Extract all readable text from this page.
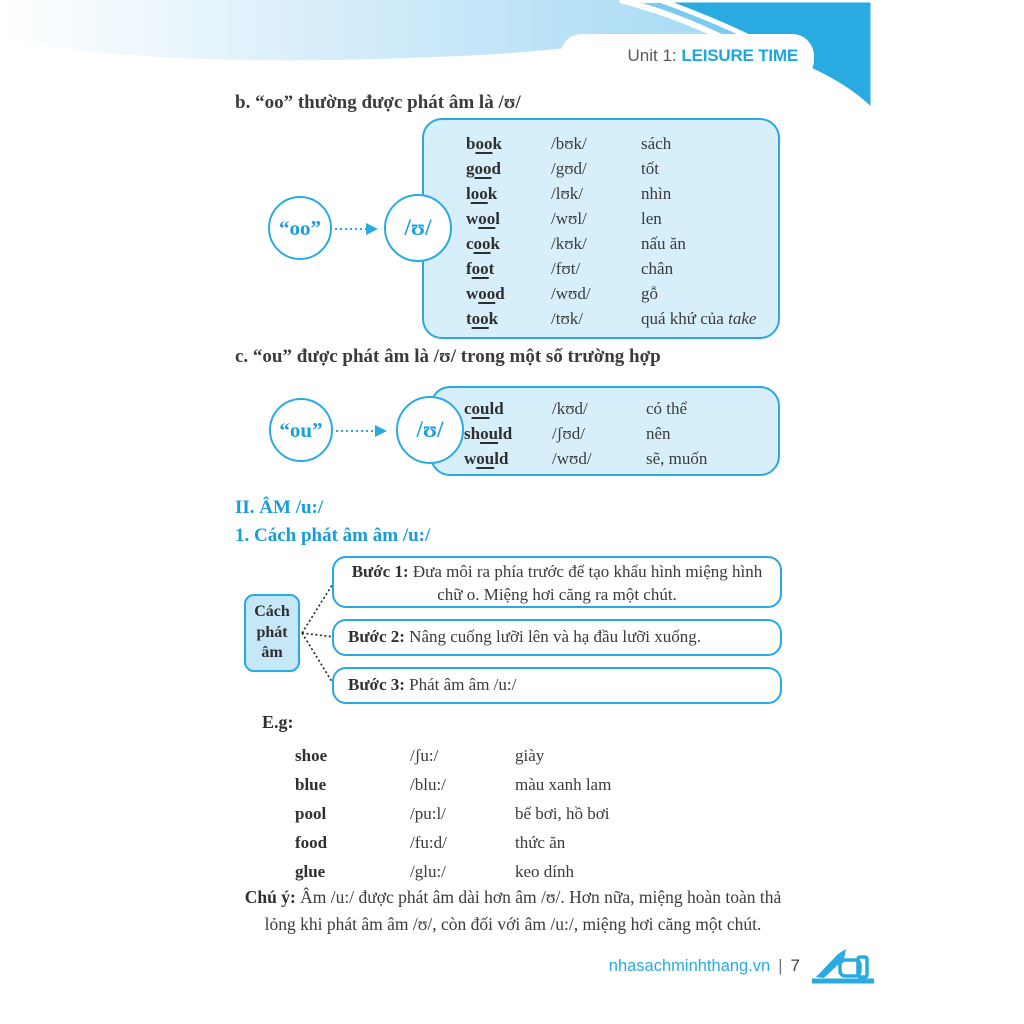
Unit 1: LEISURE TIME
b. “oo” thường được phát âm là /ʊ/
book	/bʊk/	sách
good	/gʊd/	tốt
look	/lʊk/	nhìn
wool	/wʊl/	len
cook	/kʊk/	nấu ăn
foot	/fʊt/	chân
wood	/wʊd/	gỗ
took	/tʊk/	quá khứ của take
“oo”	/ʊ/
c. “ou” được phát âm là /ʊ/ trong một số trường hợp
could	/kʊd/	có thể
should	/ʃʊd/	nên
would	/wʊd/	sẽ, muốn
“ou”	/ʊ/
II. ÂM /u:/
1. Cách phát âm âm /u:/
Cách phát âm
Bước 1: Đưa môi ra phía trước để tạo khẩu hình miệng hình chữ o. Miệng hơi căng ra một chút.
Bước 2: Nâng cuống lưỡi lên và hạ đầu lưỡi xuống.
Bước 3: Phát âm âm /u:/
E.g:
shoe	/ʃu:/	giày
blue	/blu:/	màu xanh lam
pool	/pu:l/	bể bơi, hồ bơi
food	/fu:d/	thức ăn
glue	/glu:/	keo dính
Chú ý: Âm /u:/ được phát âm dài hơn âm /ʊ/. Hơn nữa, miệng hoàn toàn thả lỏng khi phát âm âm /ʊ/, còn đối với âm /u:/, miệng hơi căng một chút.
nhasachminhthang.vn | 7
